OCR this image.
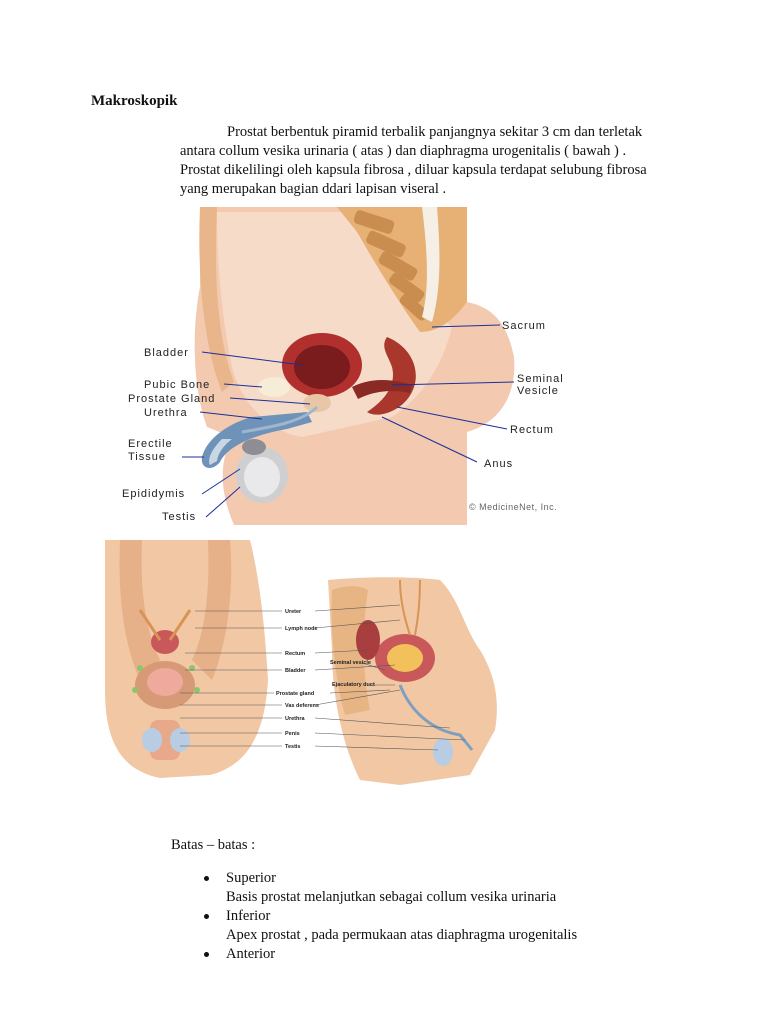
Makroskopik
Prostat berbentuk piramid terbalik panjangnya sekitar 3 cm dan terletak
antara collum vesika urinaria ( atas ) dan diaphragma urogenitalis ( bawah ) .
Prostat dikelilingi oleh kapsula fibrosa , diluar kapsula terdapat selubung fibrosa
yang merupakan bagian ddari lapisan viseral .
Bladder
Pubic Bone
Prostate Gland
Urethra
Erectile
Tissue
Epididymis
Testis
Sacrum
Seminal
Vesicle
Rectum
Anus
© MedicineNet, Inc.
Ureter
Lymph node
Rectum
Bladder
Prostate gland
Vas deferens
Urethra
Penis
Testis
Seminal vesicle
Ejaculatory duct
Batas – batas :
Superior
Basis prostat melanjutkan sebagai collum vesika urinaria
Inferior
Apex prostat , pada permukaan atas diaphragma urogenitalis
Anterior
